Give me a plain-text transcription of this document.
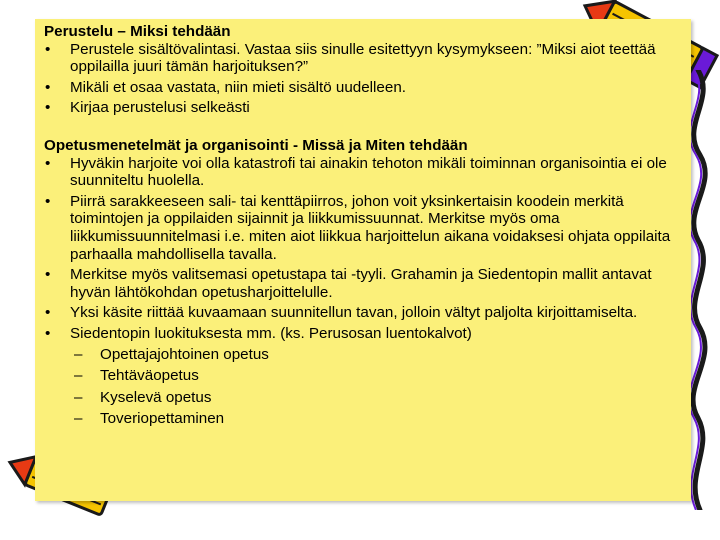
Perustelu – Miksi tehdään

• Perustele sisältövalintasi. Vastaa siis sinulle esitettyyn kysymykseen: ”Miksi aiot teettää oppilailla juuri tämän harjoituksen?”
• Mikäli et osaa vastata, niin mieti sisältö uudelleen.
• Kirjaa perustelusi selkeästi

Opetusmenetelmät ja organisointi - Missä ja Miten tehdään

• Hyväkin harjoite voi olla katastrofi tai ainakin tehoton mikäli toiminnan organisointia ei ole suunniteltu huolella.
• Piirrä sarakkeeseen sali- tai kenttäpiirros, johon voit yksinkertaisin koodein merkitä toimintojen ja oppilaiden sijainnit ja liikkumissuunnat. Merkitse myös oma liikkumissuunnitelmasi i.e. miten aiot liikkua harjoittelun aikana voidaksesi ohjata oppilaita parhaalla mahdollisella tavalla.
• Merkitse myös valitsemasi opetustapa tai -tyyli. Grahamin ja Siedentopin mallit antavat hyvän lähtökohdan opetusharjoittelulle.
• Yksi käsite riittää kuvaamaan suunnitellun tavan, jolloin vältyt paljolta kirjoittamiselta.
• Siedentopin luokituksesta mm. (ks. Perusosan luentokalvot)
– Opettajajohtoinen opetus
– Tehtäväopetus
– Kyselevä opetus
– Toveriopettaminen
